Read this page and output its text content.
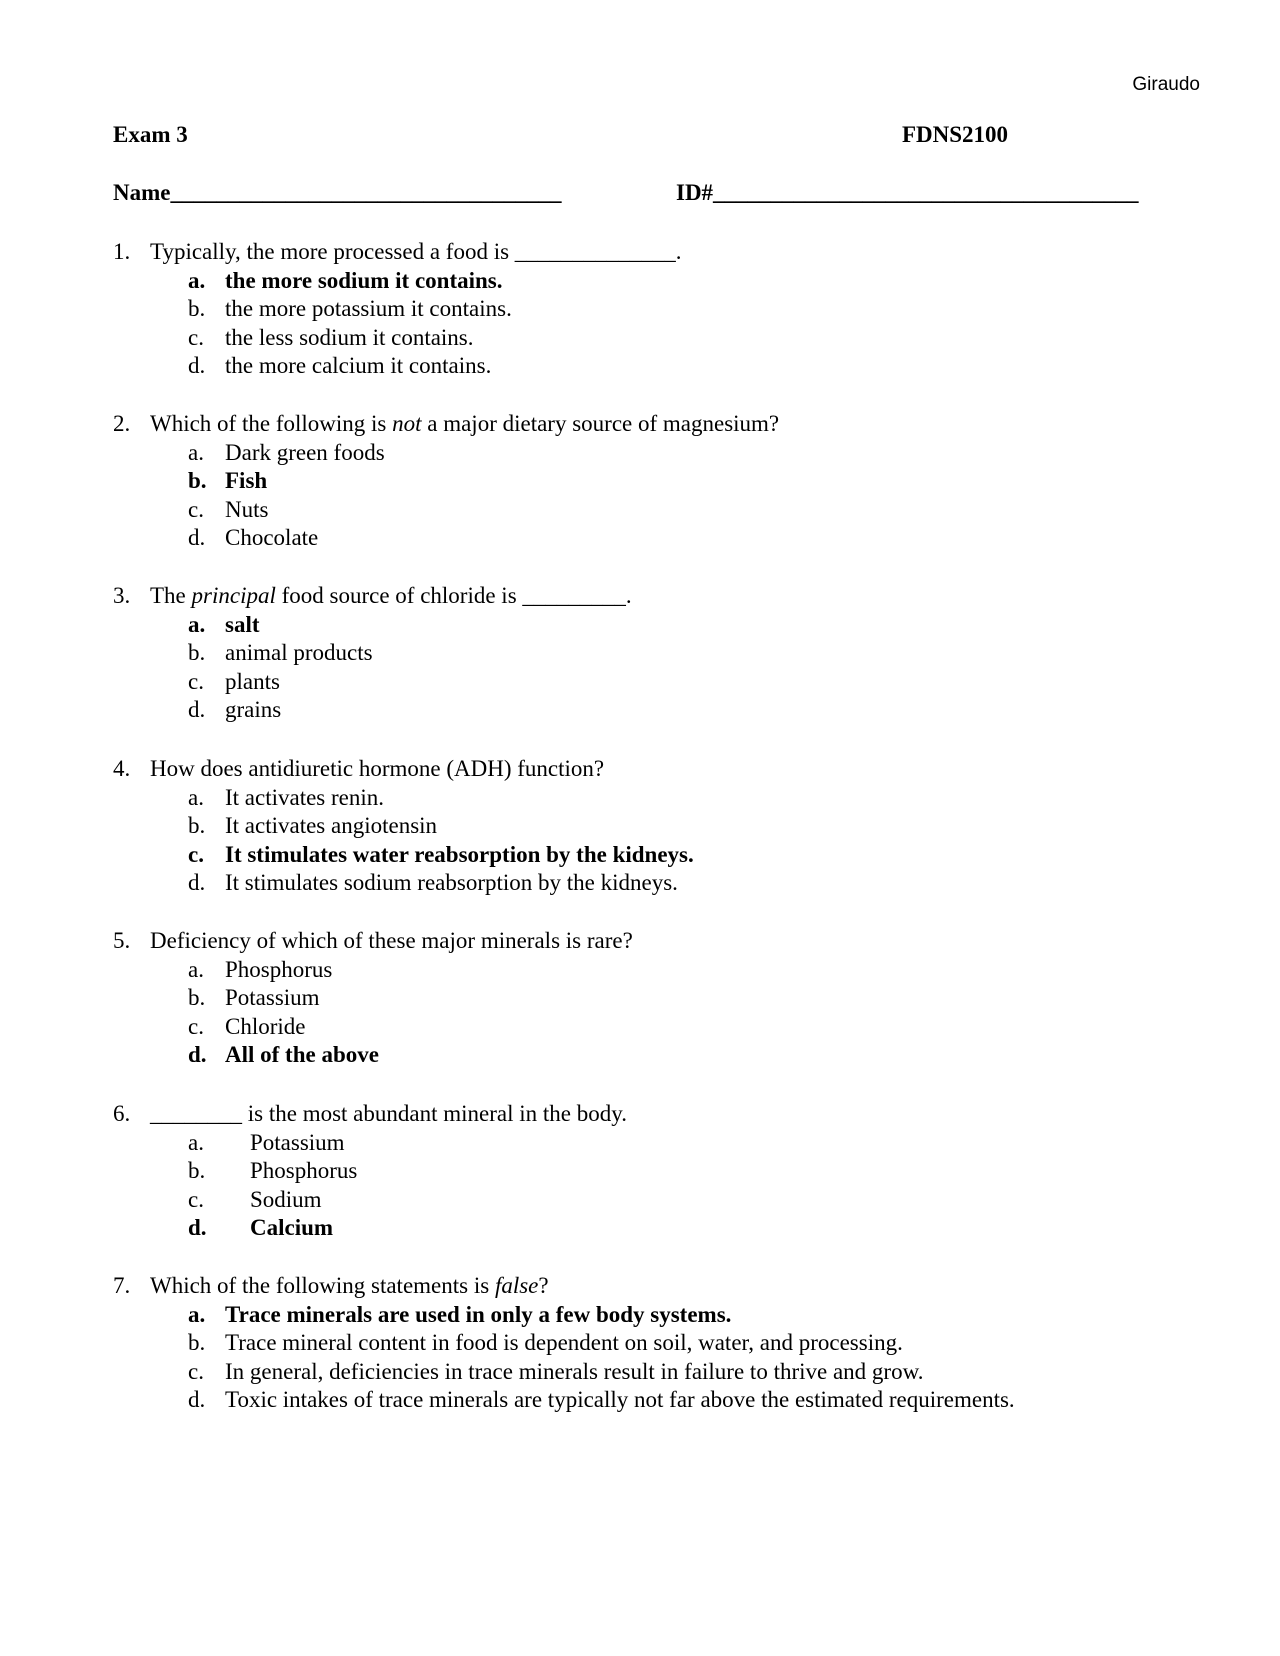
Giraudo
Exam 3	FDNS2100
Name__________________________________	ID#_____________________________________
1. Typically, the more processed a food is ______________.
a. the more sodium it contains.
b. the more potassium it contains.
c. the less sodium it contains.
d. the more calcium it contains.
2. Which of the following is not a major dietary source of magnesium?
a. Dark green foods
b. Fish
c. Nuts
d. Chocolate
3. The principal food source of chloride is _________.
a. salt
b. animal products
c. plants
d. grains
4. How does antidiuretic hormone (ADH) function?
a. It activates renin.
b. It activates angiotensin
c. It stimulates water reabsorption by the kidneys.
d. It stimulates sodium reabsorption by the kidneys.
5. Deficiency of which of these major minerals is rare?
a. Phosphorus
b. Potassium
c. Chloride
d. All of the above
6. ________ is the most abundant mineral in the body.
a.	Potassium
b.	Phosphorus
c.	Sodium
d.	Calcium
7. Which of the following statements is false?
a. Trace minerals are used in only a few body systems.
b. Trace mineral content in food is dependent on soil, water, and processing.
c. In general, deficiencies in trace minerals result in failure to thrive and grow.
d. Toxic intakes of trace minerals are typically not far above the estimated requirements.
